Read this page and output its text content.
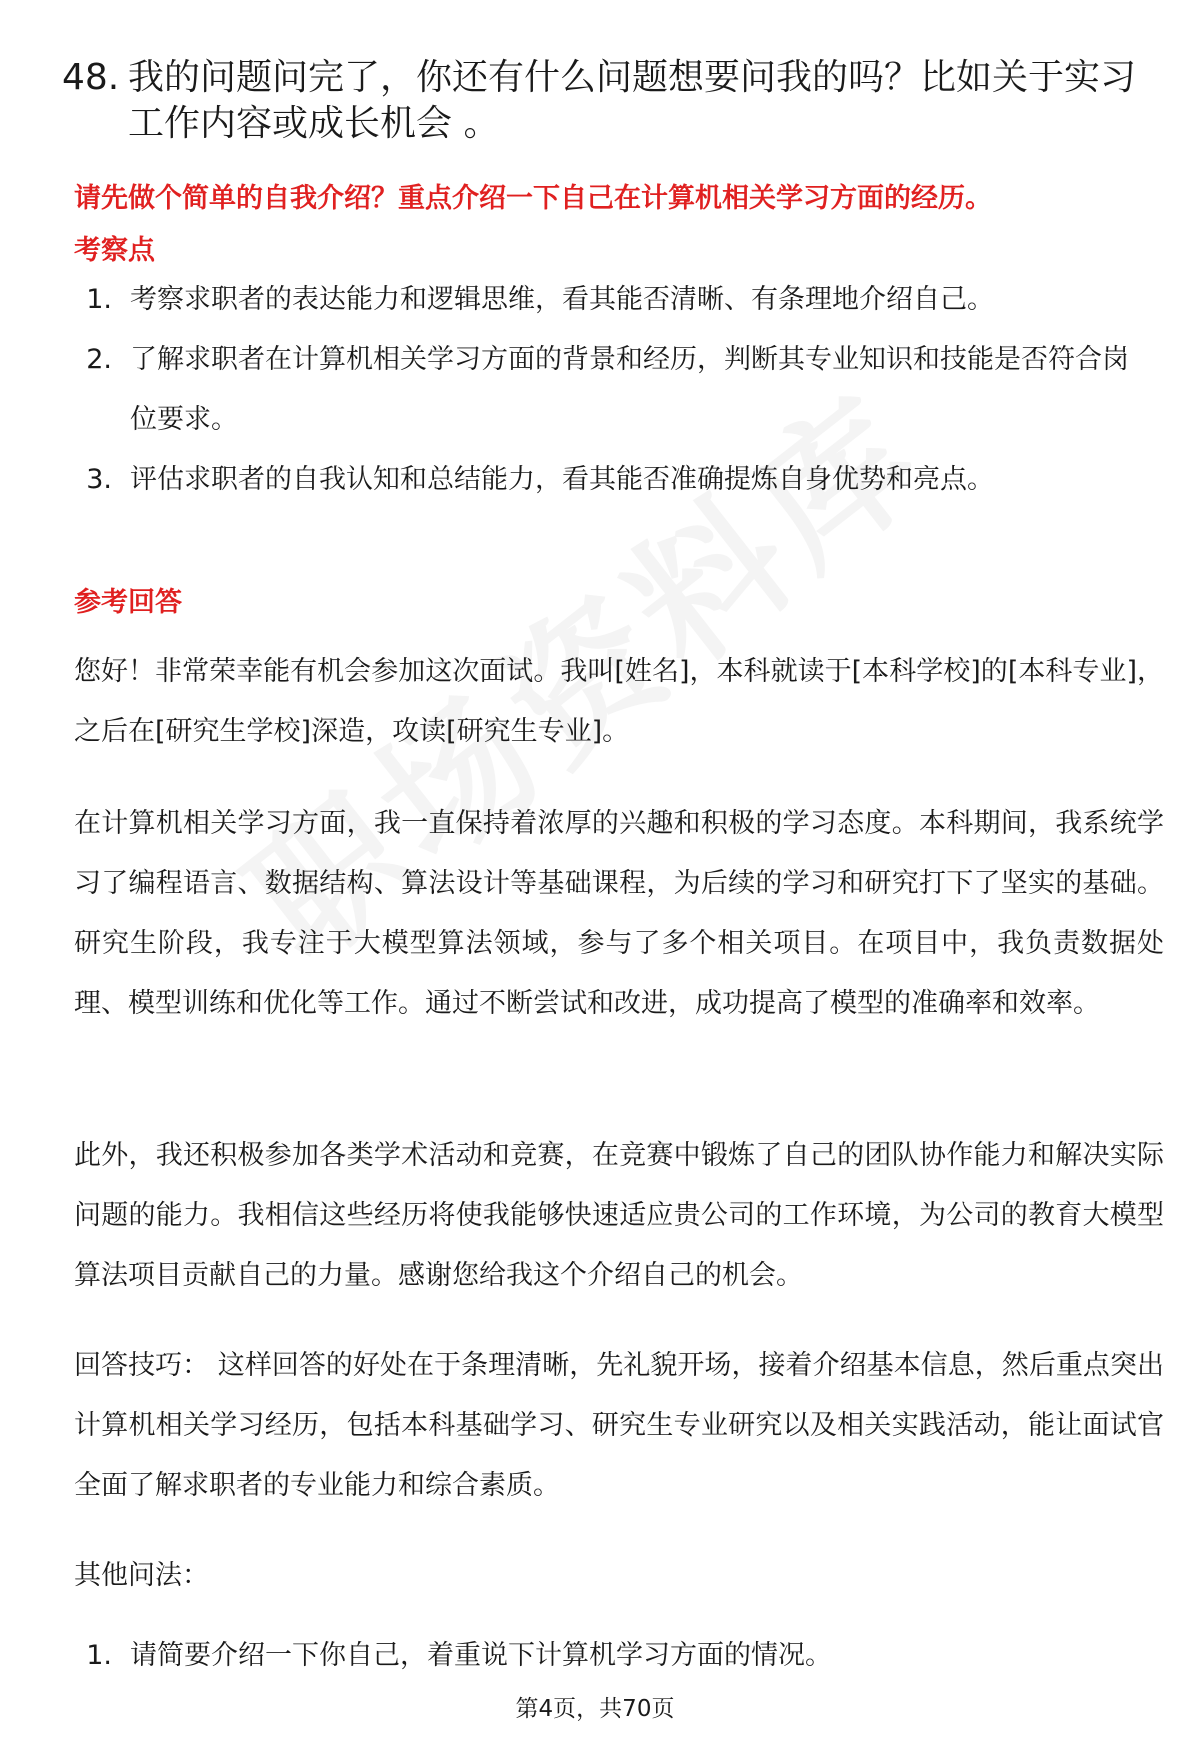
48. 我的问题问完了，你还有什么问题想要问我的吗？比如关于实习工作内容或成长机会 。
请先做个简单的自我介绍？重点介绍一下自己在计算机相关学习方面的经历。
考察点
1. 考察求职者的表达能力和逻辑思维，看其能否清晰、有条理地介绍自己。
2. 了解求职者在计算机相关学习方面的背景和经历，判断其专业知识和技能是否符合岗位要求。
3. 评估求职者的自我认知和总结能力，看其能否准确提炼自身优势和亮点。
参考回答
您好！非常荣幸能有机会参加这次面试。我叫[姓名]，本科就读于[本科学校]的[本科专业]，之后在[研究生学校]深造，攻读[研究生专业]。
在计算机相关学习方面，我一直保持着浓厚的兴趣和积极的学习态度。本科期间，我系统学习了编程语言、数据结构、算法设计等基础课程，为后续的学习和研究打下了坚实的基础。研究生阶段，我专注于大模型算法领域，参与了多个相关项目。在项目中，我负责数据处理、模型训练和优化等工作。通过不断尝试和改进，成功提高了模型的准确率和效率。
此外，我还积极参加各类学术活动和竞赛，在竞赛中锻炼了自己的团队协作能力和解决实际问题的能力。我相信这些经历将使我能够快速适应贵公司的工作环境，为公司的教育大模型算法项目贡献自己的力量。感谢您给我这个介绍自己的机会。
回答技巧： 这样回答的好处在于条理清晰，先礼貌开场，接着介绍基本信息，然后重点突出计算机相关学习经历，包括本科基础学习、研究生专业研究以及相关实践活动，能让面试官全面了解求职者的专业能力和综合素质。
其他问法：
1. 请简要介绍一下你自己，着重说下计算机学习方面的情况。
第4页，共70页
